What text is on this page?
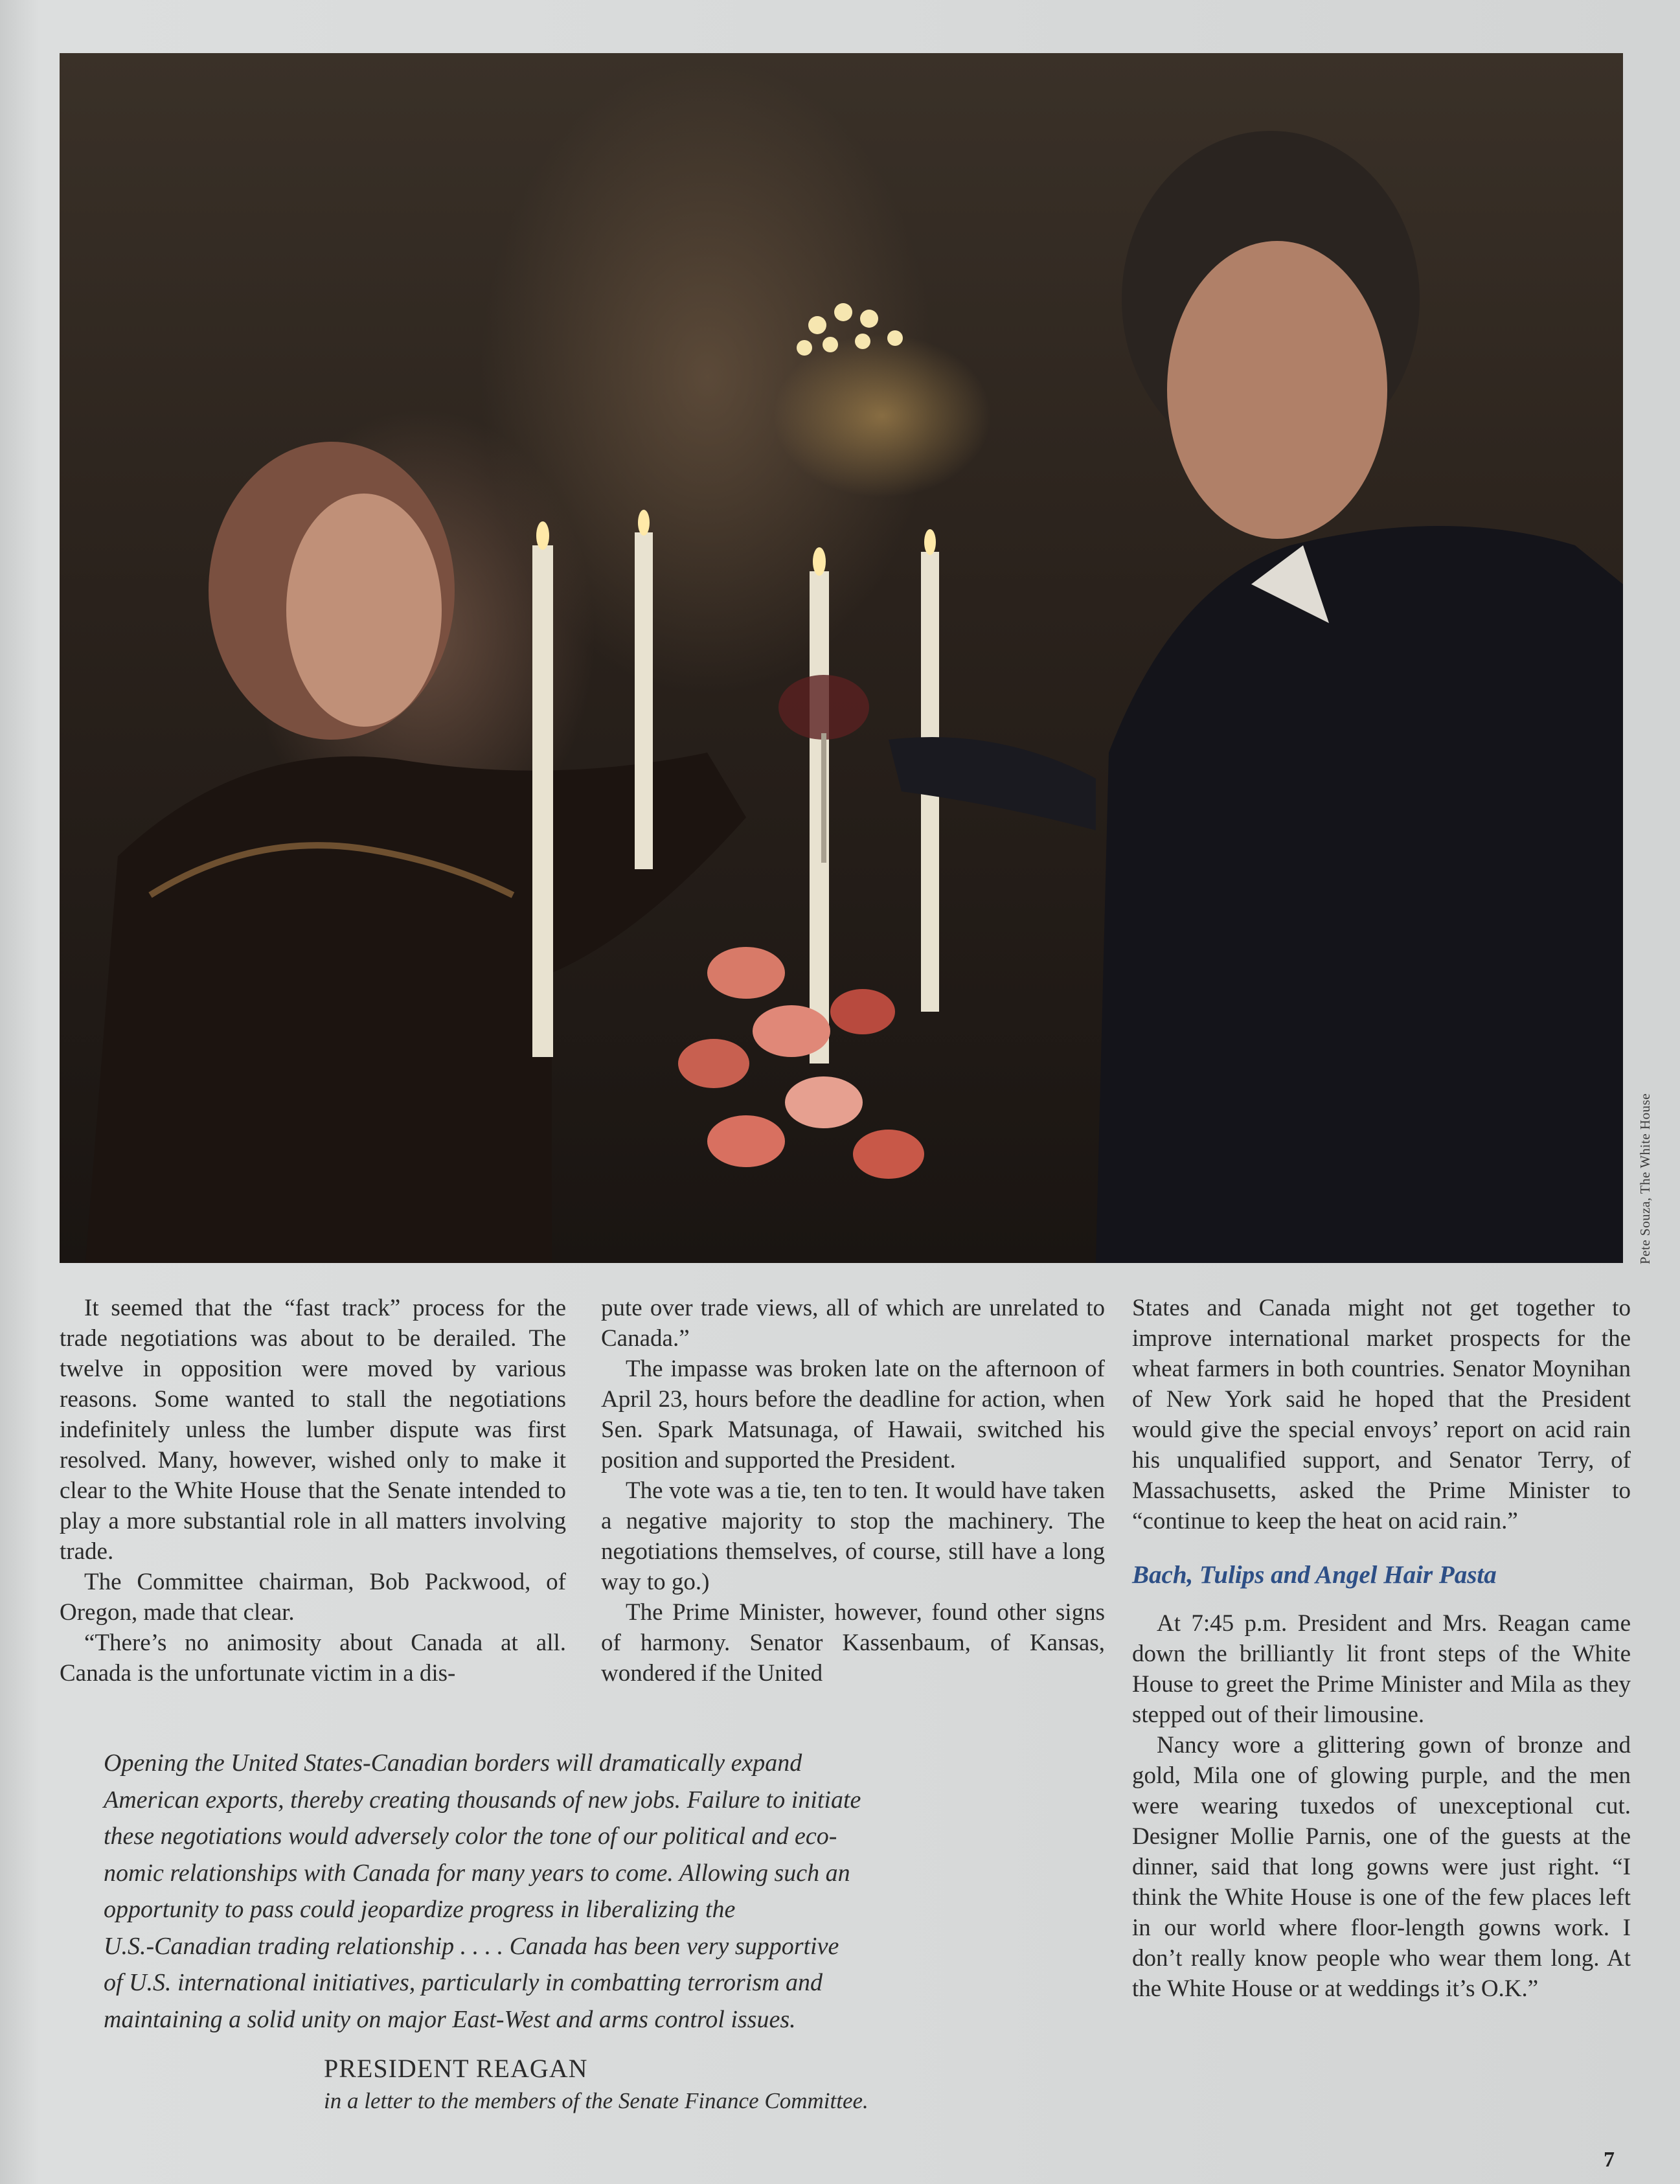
Pete Souza, The White House

It seemed that the “fast track” process for the trade negotiations was about to be derailed. The twelve in opposition were moved by various reasons. Some wanted to stall the negotiations indefinitely unless the lumber dispute was first resolved. Many, however, wished only to make it clear to the White House that the Senate intended to play a more substantial role in all matters involving trade.

The Committee chairman, Bob Packwood, of Oregon, made that clear.

“There’s no animosity about Canada at all. Canada is the unfortunate victim in a dis-

pute over trade views, all of which are unrelated to Canada.”

The impasse was broken late on the afternoon of April 23, hours before the deadline for action, when Sen. Spark Matsunaga, of Hawaii, switched his position and supported the President.

The vote was a tie, ten to ten. It would have taken a negative majority to stop the machinery. The negotiations themselves, of course, still have a long way to go.)

The Prime Minister, however, found other signs of harmony. Senator Kassenbaum, of Kansas, wondered if the United

States and Canada might not get together to improve international market prospects for the wheat farmers in both countries. Senator Moynihan of New York said he hoped that the President would give the special envoys’ report on acid rain his unqualified support, and Senator Terry, of Massachusetts, asked the Prime Minister to “continue to keep the heat on acid rain.”

Bach, Tulips and Angel Hair Pasta

At 7:45 p.m. President and Mrs. Reagan came down the brilliantly lit front steps of the White House to greet the Prime Minister and Mila as they stepped out of their limousine.

Nancy wore a glittering gown of bronze and gold, Mila one of glowing purple, and the men were wearing tuxedos of unexceptional cut. Designer Mollie Parnis, one of the guests at the dinner, said that long gowns were just right. “I think the White House is one of the few places left in our world where floor-length gowns work. I don’t really know people who wear them long. At the White House or at weddings it’s O.K.”

Opening the United States-Canadian borders will dramatically expand
American exports, thereby creating thousands of new jobs. Failure to initiate
these negotiations would adversely color the tone of our political and eco-
nomic relationships with Canada for many years to come. Allowing such an
opportunity to pass could jeopardize progress in liberalizing the
U.S.-Canadian trading relationship . . . . Canada has been very supportive
of U.S. international initiatives, particularly in combatting terrorism and
maintaining a solid unity on major East-West and arms control issues.
PRESIDENT REAGAN
in a letter to the members of the Senate Finance Committee.
7
